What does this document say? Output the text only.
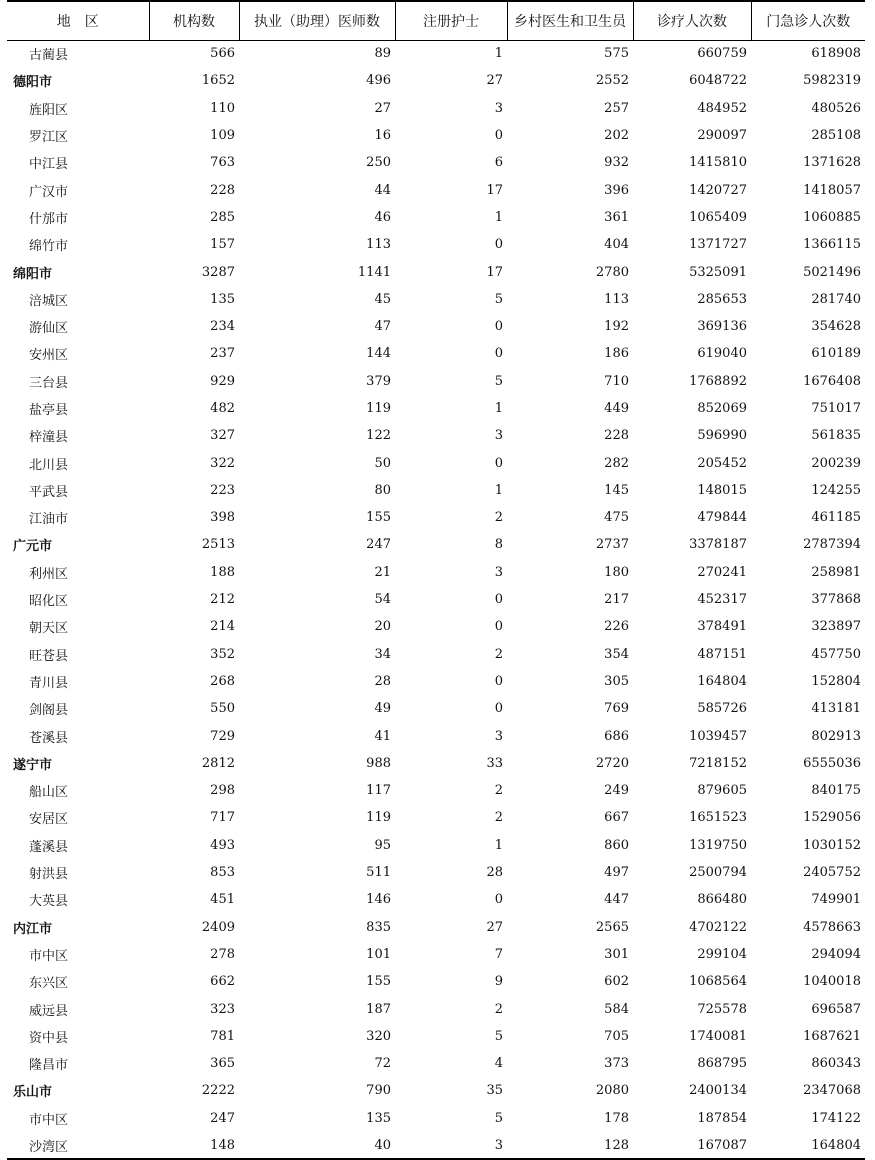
地　区	机构数	执业（助理）医师数	注册护士	乡村医生和卫生员	诊疗人次数	门急诊人次数
古蔺县	566	89	1	575	660759	618908
德阳市	1652	496	27	2552	6048722	5982319
旌阳区	110	27	3	257	484952	480526
罗江区	109	16	0	202	290097	285108
中江县	763	250	6	932	1415810	1371628
广汉市	228	44	17	396	1420727	1418057
什邡市	285	46	1	361	1065409	1060885
绵竹市	157	113	0	404	1371727	1366115
绵阳市	3287	1141	17	2780	5325091	5021496
涪城区	135	45	5	113	285653	281740
游仙区	234	47	0	192	369136	354628
安州区	237	144	0	186	619040	610189
三台县	929	379	5	710	1768892	1676408
盐亭县	482	119	1	449	852069	751017
梓潼县	327	122	3	228	596990	561835
北川县	322	50	0	282	205452	200239
平武县	223	80	1	145	148015	124255
江油市	398	155	2	475	479844	461185
广元市	2513	247	8	2737	3378187	2787394
利州区	188	21	3	180	270241	258981
昭化区	212	54	0	217	452317	377868
朝天区	214	20	0	226	378491	323897
旺苍县	352	34	2	354	487151	457750
青川县	268	28	0	305	164804	152804
剑阁县	550	49	0	769	585726	413181
苍溪县	729	41	3	686	1039457	802913
遂宁市	2812	988	33	2720	7218152	6555036
船山区	298	117	2	249	879605	840175
安居区	717	119	2	667	1651523	1529056
蓬溪县	493	95	1	860	1319750	1030152
射洪县	853	511	28	497	2500794	2405752
大英县	451	146	0	447	866480	749901
内江市	2409	835	27	2565	4702122	4578663
市中区	278	101	7	301	299104	294094
东兴区	662	155	9	602	1068564	1040018
威远县	323	187	2	584	725578	696587
资中县	781	320	5	705	1740081	1687621
隆昌市	365	72	4	373	868795	860343
乐山市	2222	790	35	2080	2400134	2347068
市中区	247	135	5	178	187854	174122
沙湾区	148	40	3	128	167087	164804
